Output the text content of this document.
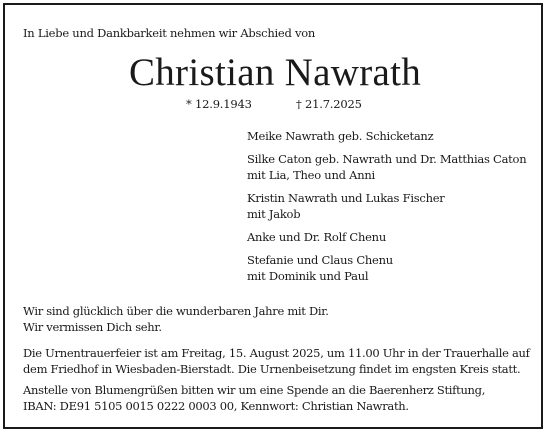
In Liebe und Dankbarkeit nehmen wir Abschied von
Christian Nawrath
* 12.9.1943	† 21.7.2025
Meike Nawrath geb. Schicketanz
Silke Caton geb. Nawrath und Dr. Matthias Caton
mit Lia, Theo und Anni
Kristin Nawrath und Lukas Fischer
mit Jakob
Anke und Dr. Rolf Chenu
Stefanie und Claus Chenu
mit Dominik und Paul

Wir sind glücklich über die wunderbaren Jahre mit Dir.
Wir vermissen Dich sehr.

Die Urnentrauerfeier ist am Freitag, 15. August 2025, um 11.00 Uhr in der Trauerhalle auf
dem Friedhof in Wiesbaden-Bierstadt. Die Urnenbeisetzung findet im engsten Kreis statt.

Anstelle von Blumengrüßen bitten wir um eine Spende an die Baerenherz Stiftung,
IBAN: DE91 5105 0015 0222 0003 00, Kennwort: Christian Nawrath.
